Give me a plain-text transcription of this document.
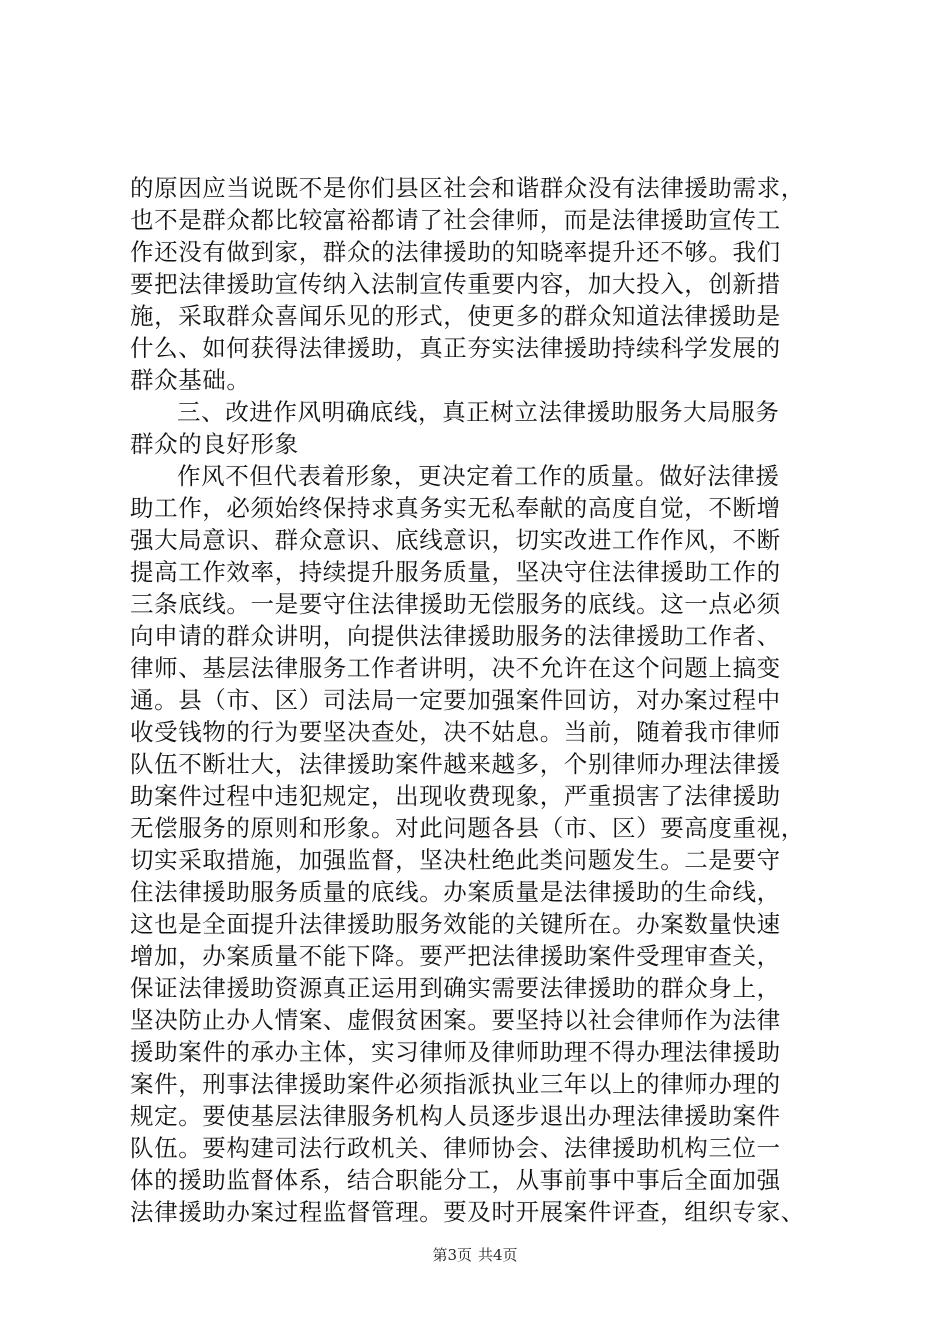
的原因应当说既不是你们县区社会和谐群众没有法律援助需求，
也不是群众都比较富裕都请了社会律师，而是法律援助宣传工
作还没有做到家，群众的法律援助的知晓率提升还不够。我们
要把法律援助宣传纳入法制宣传重要内容，加大投入，创新措
施，采取群众喜闻乐见的形式，使更多的群众知道法律援助是
什么、如何获得法律援助，真正夯实法律援助持续科学发展的
群众基础。
三、改进作风明确底线，真正树立法律援助服务大局服务
群众的良好形象
作风不但代表着形象，更决定着工作的质量。做好法律援
助工作，必须始终保持求真务实无私奉献的高度自觉，不断增
强大局意识、群众意识、底线意识，切实改进工作作风，不断
提高工作效率，持续提升服务质量，坚决守住法律援助工作的
三条底线。一是要守住法律援助无偿服务的底线。这一点必须
向申请的群众讲明，向提供法律援助服务的法律援助工作者、
律师、基层法律服务工作者讲明，决不允许在这个问题上搞变
通。县（市、区）司法局一定要加强案件回访，对办案过程中
收受钱物的行为要坚决查处，决不姑息。当前，随着我市律师
队伍不断壮大，法律援助案件越来越多，个别律师办理法律援
助案件过程中违犯规定，出现收费现象，严重损害了法律援助
无偿服务的原则和形象。对此问题各县（市、区）要高度重视，
切实采取措施，加强监督，坚决杜绝此类问题发生。二是要守
住法律援助服务质量的底线。办案质量是法律援助的生命线，
这也是全面提升法律援助服务效能的关键所在。办案数量快速
增加，办案质量不能下降。要严把法律援助案件受理审查关，
保证法律援助资源真正运用到确实需要法律援助的群众身上，
坚决防止办人情案、虚假贫困案。要坚持以社会律师作为法律
援助案件的承办主体，实习律师及律师助理不得办理法律援助
案件，刑事法律援助案件必须指派执业三年以上的律师办理的
规定。要使基层法律服务机构人员逐步退出办理法律援助案件
队伍。要构建司法行政机关、律师协会、法律援助机构三位一
体的援助监督体系，结合职能分工，从事前事中事后全面加强
法律援助办案过程监督管理。要及时开展案件评查，组织专家、
第3页 共4页
